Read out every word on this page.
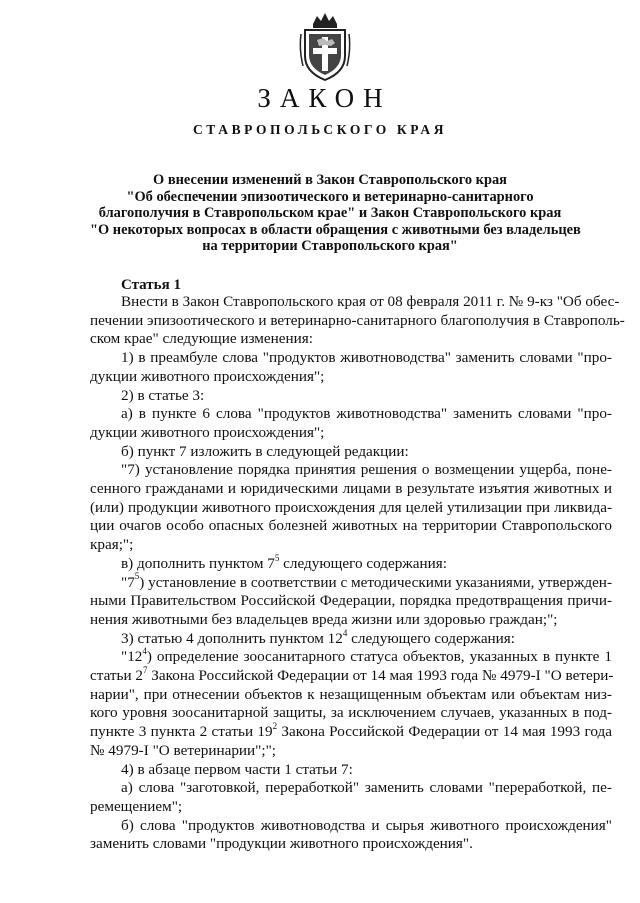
ЗАКОН
СТАВРОПОЛЬСКОГО КРАЯ
О внесении изменений в Закон Ставропольского края
"Об обеспечении эпизоотического и ветеринарно-санитарного
благополучия в Ставропольском крае" и Закон Ставропольского края
"О некоторых вопросах в области обращения с животными без владельцев
на территории Ставропольского края"
Статья 1
Внести в Закон Ставропольского края от 08 февраля 2011 г. № 9-кз "Об обес-
печении эпизоотического и ветеринарно-санитарного благополучия в Ставрополь-
ском крае" следующие изменения:
1) в преамбуле слова "продуктов животноводства" заменить словами "про-
дукции животного происхождения";
2) в статье 3:
а) в пункте 6 слова "продуктов животноводства" заменить словами "про-
дукции животного происхождения";
б) пункт 7 изложить в следующей редакции:
"7) установление порядка принятия решения о возмещении ущерба, поне-
сенного гражданами и юридическими лицами в результате изъятия животных и
(или) продукции животного происхождения для целей утилизации при ликвида-
ции очагов особо опасных болезней животных на территории Ставропольского
края;";
в) дополнить пунктом $7^5$ следующего содержания:
"$7^5$) установление в соответствии с методическими указаниями, утвержден-
ными Правительством Российской Федерации, порядка предотвращения причи-
нения животными без владельцев вреда жизни или здоровью граждан;";
3) статью 4 дополнить пунктом $12^4$ следующего содержания:
"$12^4$) определение зоосанитарного статуса объектов, указанных в пункте 1
статьи $2^7$ Закона Российской Федерации от 14 мая 1993 года № 4979-I "О ветери-
нарии", при отнесении объектов к незащищенным объектам или объектам низ-
кого уровня зоосанитарной защиты, за исключением случаев, указанных в под-
пункте 3 пункта 2 статьи $19^2$ Закона Российской Федерации от 14 мая 1993 года
№ 4979-I "О ветеринарии";";
4) в абзаце первом части 1 статьи 7:
а) слова "заготовкой, переработкой" заменить словами "переработкой, пе-
ремещением";
б) слова "продуктов животноводства и сырья животного происхождения"
заменить словами "продукции животного происхождения".
